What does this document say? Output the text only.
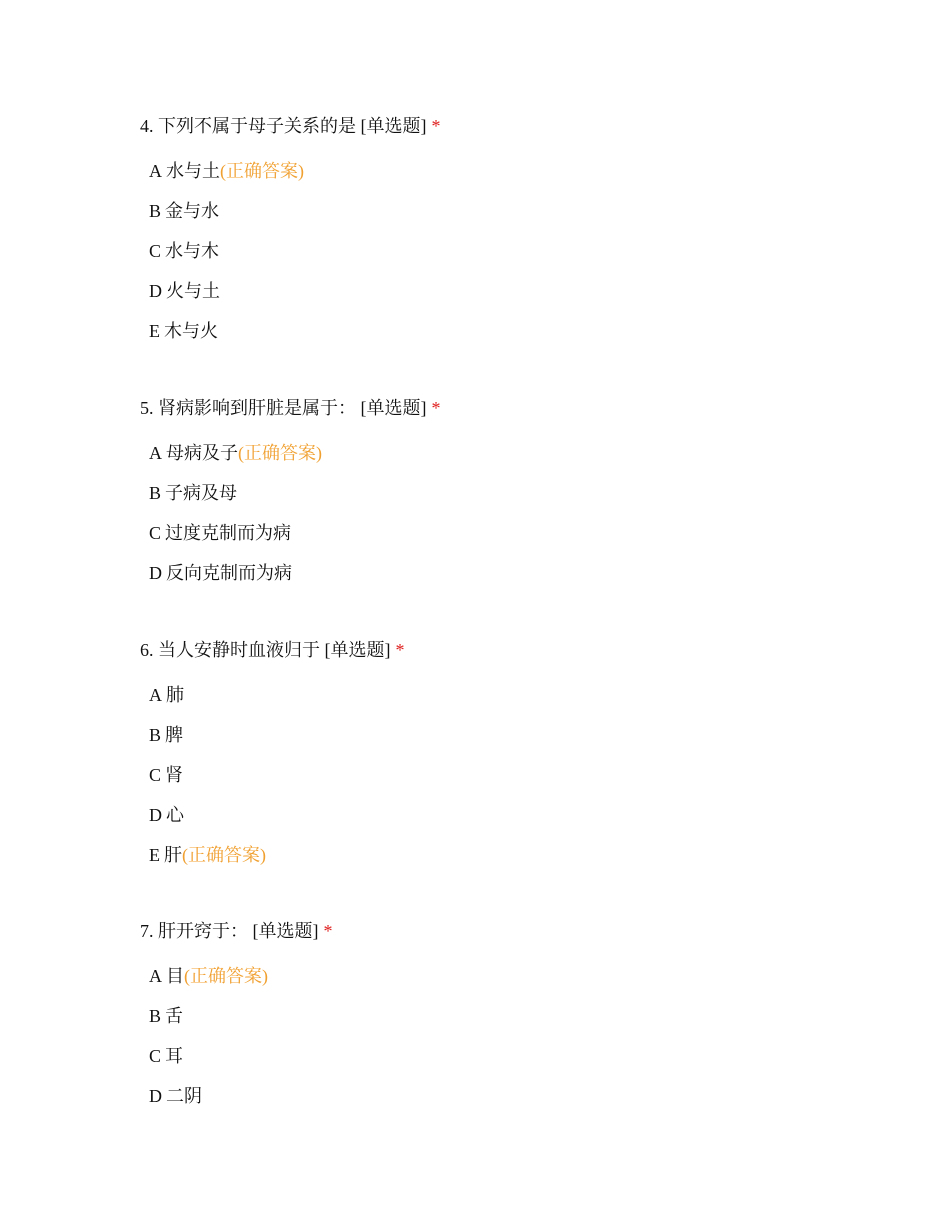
4. 下列不属于母子关系的是 [单选题] *
A 水与土(正确答案)
B 金与水
C 水与木
D 火与土
E 木与火
5. 肾病影响到肝脏是属于： [单选题] *
A 母病及子(正确答案)
B 子病及母
C 过度克制而为病
D 反向克制而为病
6. 当人安静时血液归于 [单选题] *
A 肺
B 脾
C 肾
D 心
E 肝(正确答案)
7. 肝开窍于： [单选题] *
A 目(正确答案)
B 舌
C 耳
D 二阴
